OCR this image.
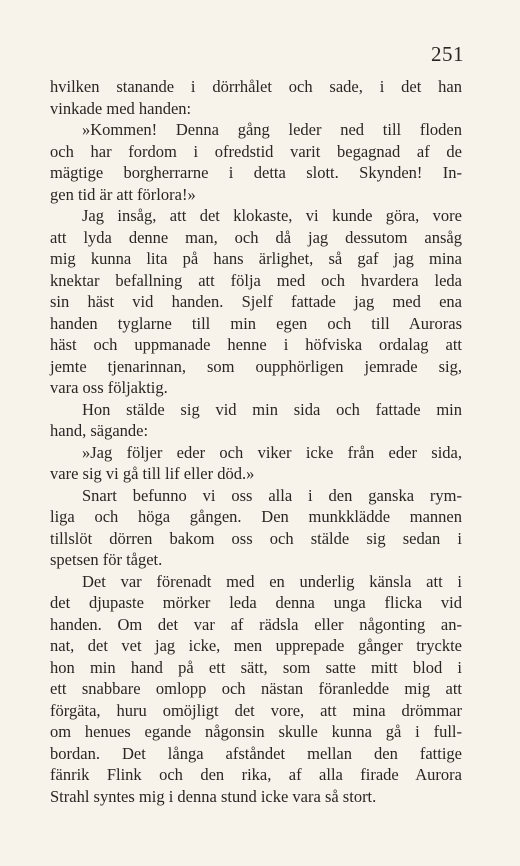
251
hvilken stanande i dörrhålet och sade, i det han
vinkade med handen:
»Kommen! Denna gång leder ned till floden
och har fordom i ofredstid varit begagnad af de
mägtige borgherrarne i detta slott. Skynden! In-
gen tid är att förlora!»
Jag insåg, att det klokaste, vi kunde göra, vore
att lyda denne man, och då jag dessutom ansåg
mig kunna lita på hans ärlighet, så gaf jag mina
knektar befallning att följa med och hvardera leda
sin häst vid handen. Sjelf fattade jag med ena
handen tyglarne till min egen och till Auroras
häst och uppmanade henne i höfviska ordalag att
jemte tjenarinnan, som oupphörligen jemrade sig,
vara oss följaktig.
Hon stälde sig vid min sida och fattade min
hand, sägande:
»Jag följer eder och viker icke från eder sida,
vare sig vi gå till lif eller död.»
Snart befunno vi oss alla i den ganska rym-
liga och höga gången. Den munkklädde mannen
tillslöt dörren bakom oss och stälde sig sedan i
spetsen för tåget.
Det var förenadt med en underlig känsla att i
det djupaste mörker leda denna unga flicka vid
handen. Om det var af rädsla eller någonting an-
nat, det vet jag icke, men upprepade gånger tryckte
hon min hand på ett sätt, som satte mitt blod i
ett snabbare omlopp och nästan föranledde mig att
förgäta, huru omöjligt det vore, att mina drömmar
om henues egande någonsin skulle kunna gå i full-
bordan. Det långa afståndet mellan den fattige
fänrik Flink och den rika, af alla firade Aurora
Strahl syntes mig i denna stund icke vara så stort.
